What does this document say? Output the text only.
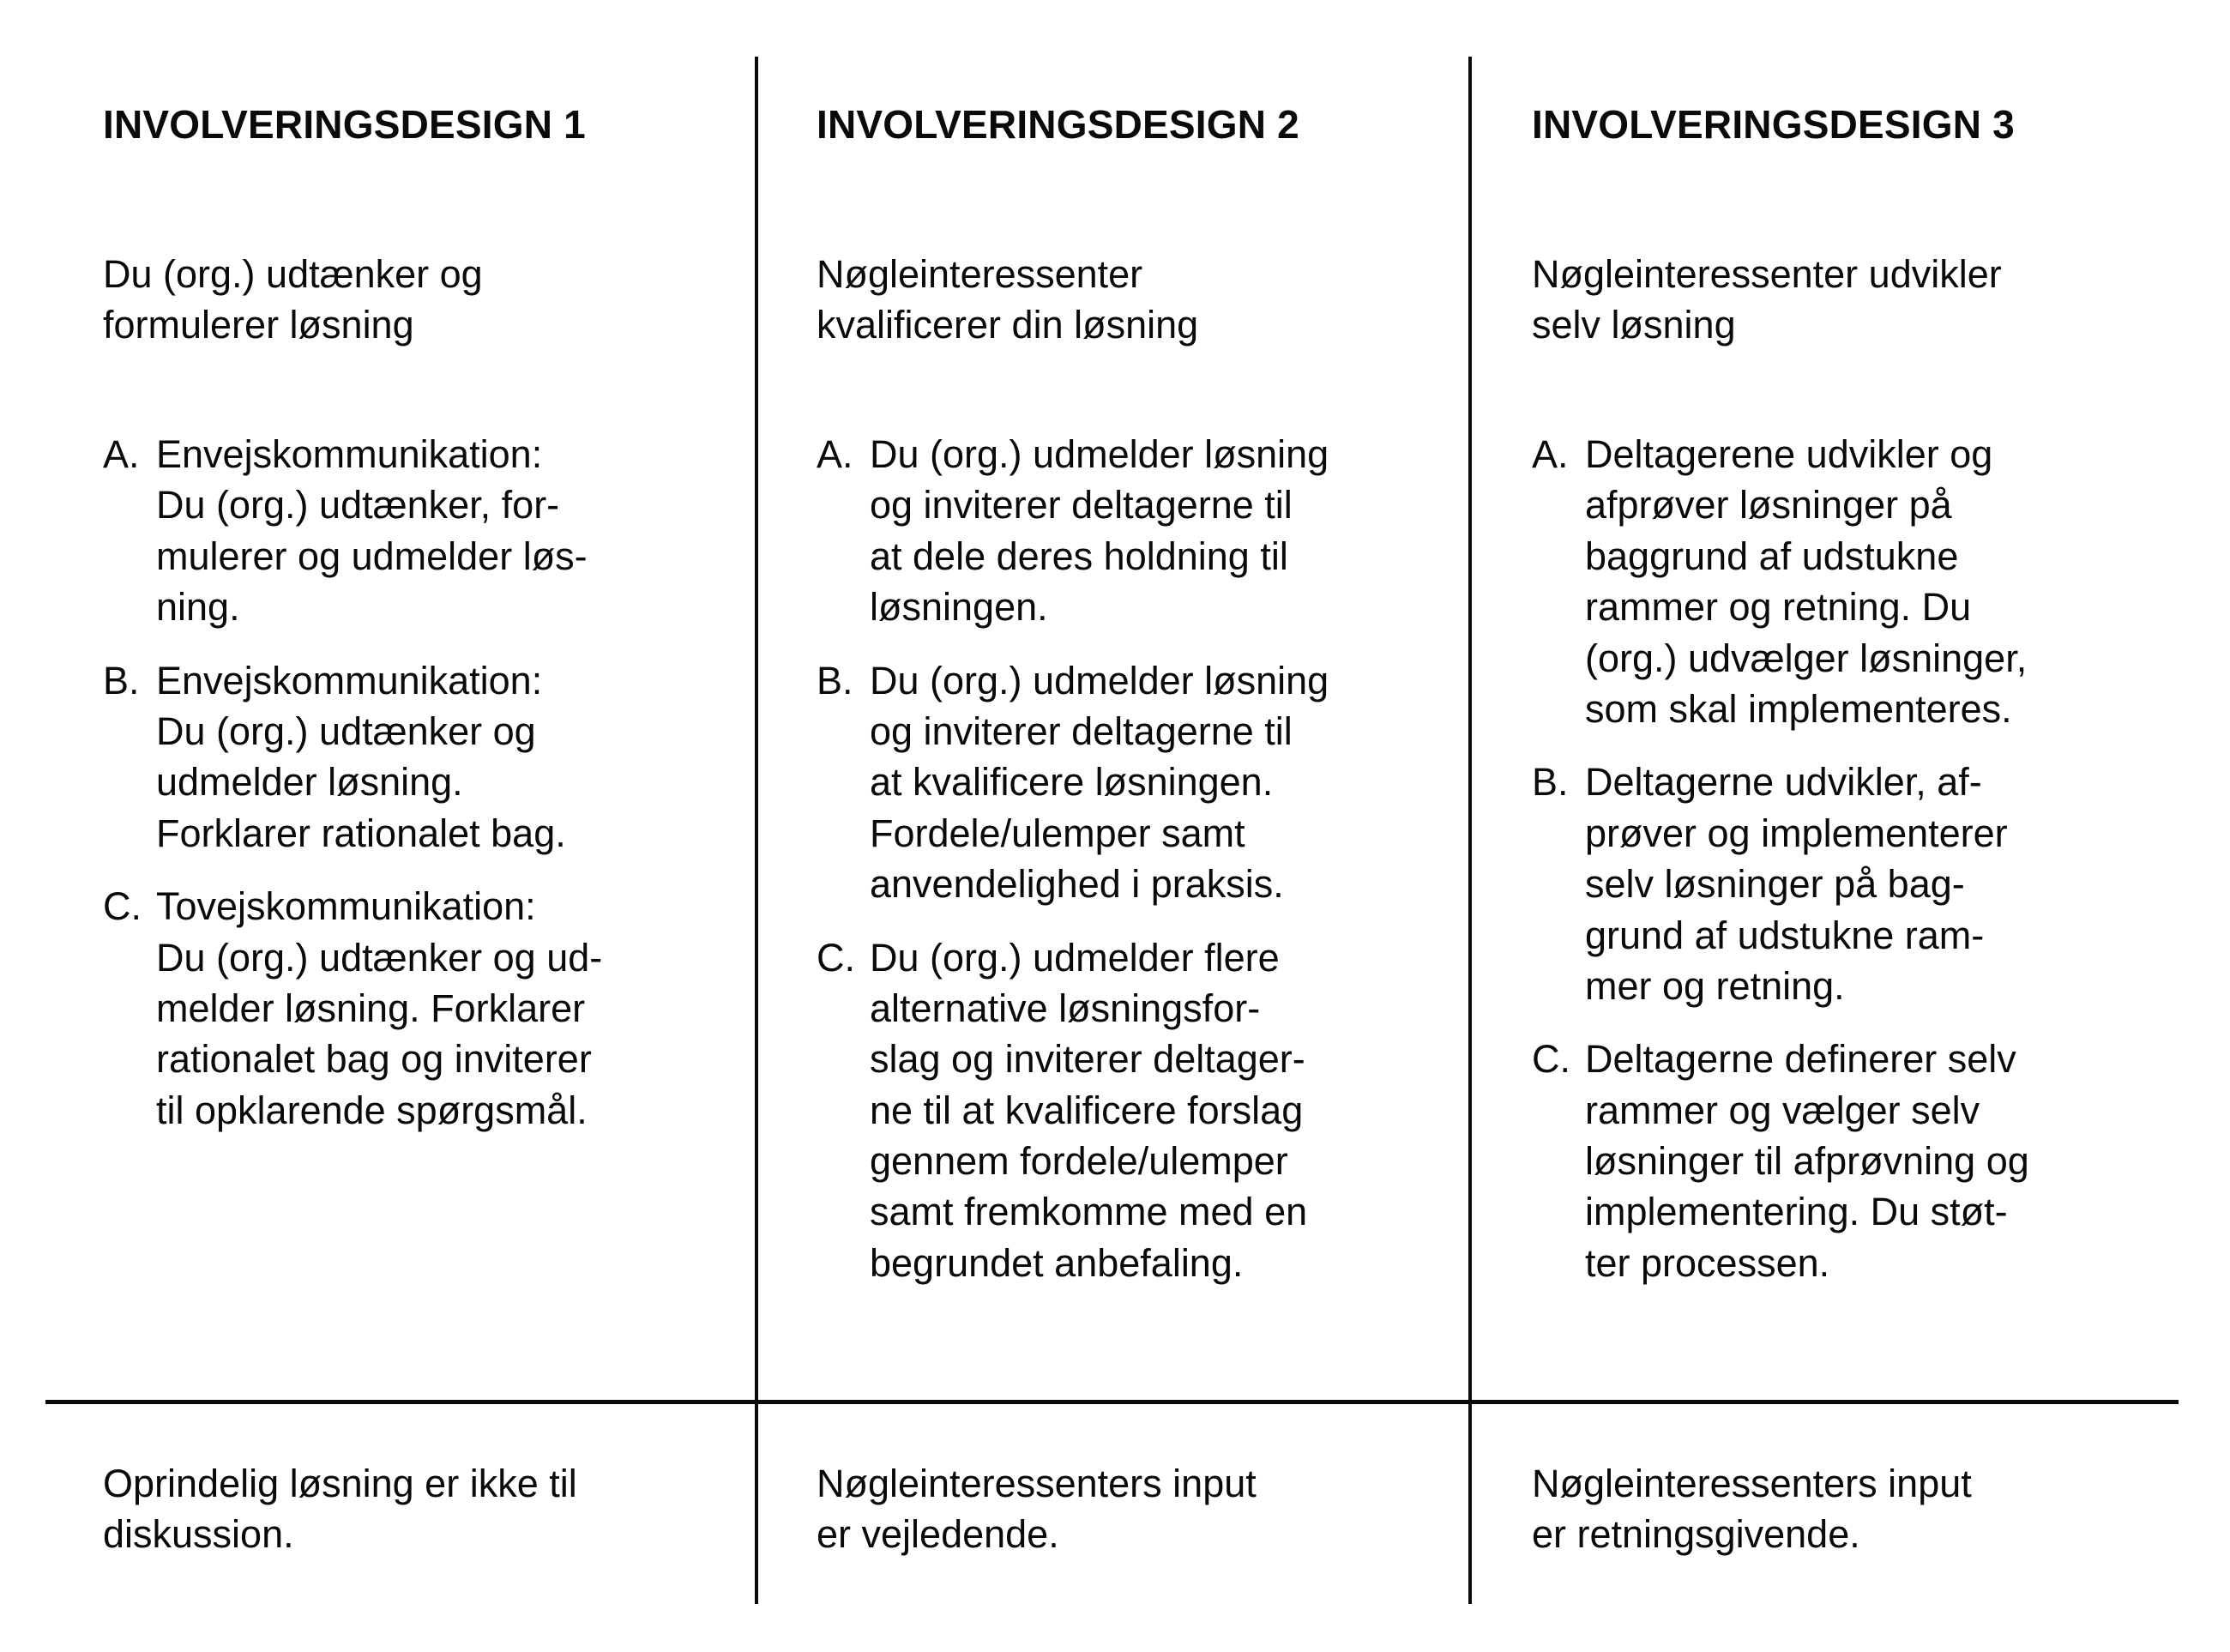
INVOLVERINGSDESIGN 1
Du (org.) udtænker og
formulerer løsning
A. Envejskommunikation:
Du (org.) udtænker, for-
mulerer og udmelder løs-
ning.
B. Envejskommunikation:
Du (org.) udtænker og
udmelder løsning.
Forklarer rationalet bag.
C. Tovejskommunikation:
Du (org.) udtænker og ud-
melder løsning. Forklarer
rationalet bag og inviterer
til opklarende spørgsmål.
Oprindelig løsning er ikke til
diskussion.
INVOLVERINGSDESIGN 2
Nøgleinteressenter
kvalificerer din løsning
A. Du (org.) udmelder løsning
og inviterer deltagerne til
at dele deres holdning til
løsningen.
B. Du (org.) udmelder løsning
og inviterer deltagerne til
at kvalificere løsningen.
Fordele/ulemper samt
anvendelighed i praksis.
C. Du (org.) udmelder flere
alternative løsningsfor-
slag og inviterer deltager-
ne til at kvalificere forslag
gennem fordele/ulemper
samt fremkomme med en
begrundet anbefaling.
Nøgleinteressenters input
er vejledende.
INVOLVERINGSDESIGN 3
Nøgleinteressenter udvikler
selv løsning
A. Deltagerene udvikler og
afprøver løsninger på
baggrund af udstukne
rammer og retning. Du
(org.) udvælger løsninger,
som skal implementeres.
B. Deltagerne udvikler, af-
prøver og implementerer
selv løsninger på bag-
grund af udstukne ram-
mer og retning.
C. Deltagerne definerer selv
rammer og vælger selv
løsninger til afprøvning og
implementering. Du støt-
ter processen.
Nøgleinteressenters input
er retningsgivende.
